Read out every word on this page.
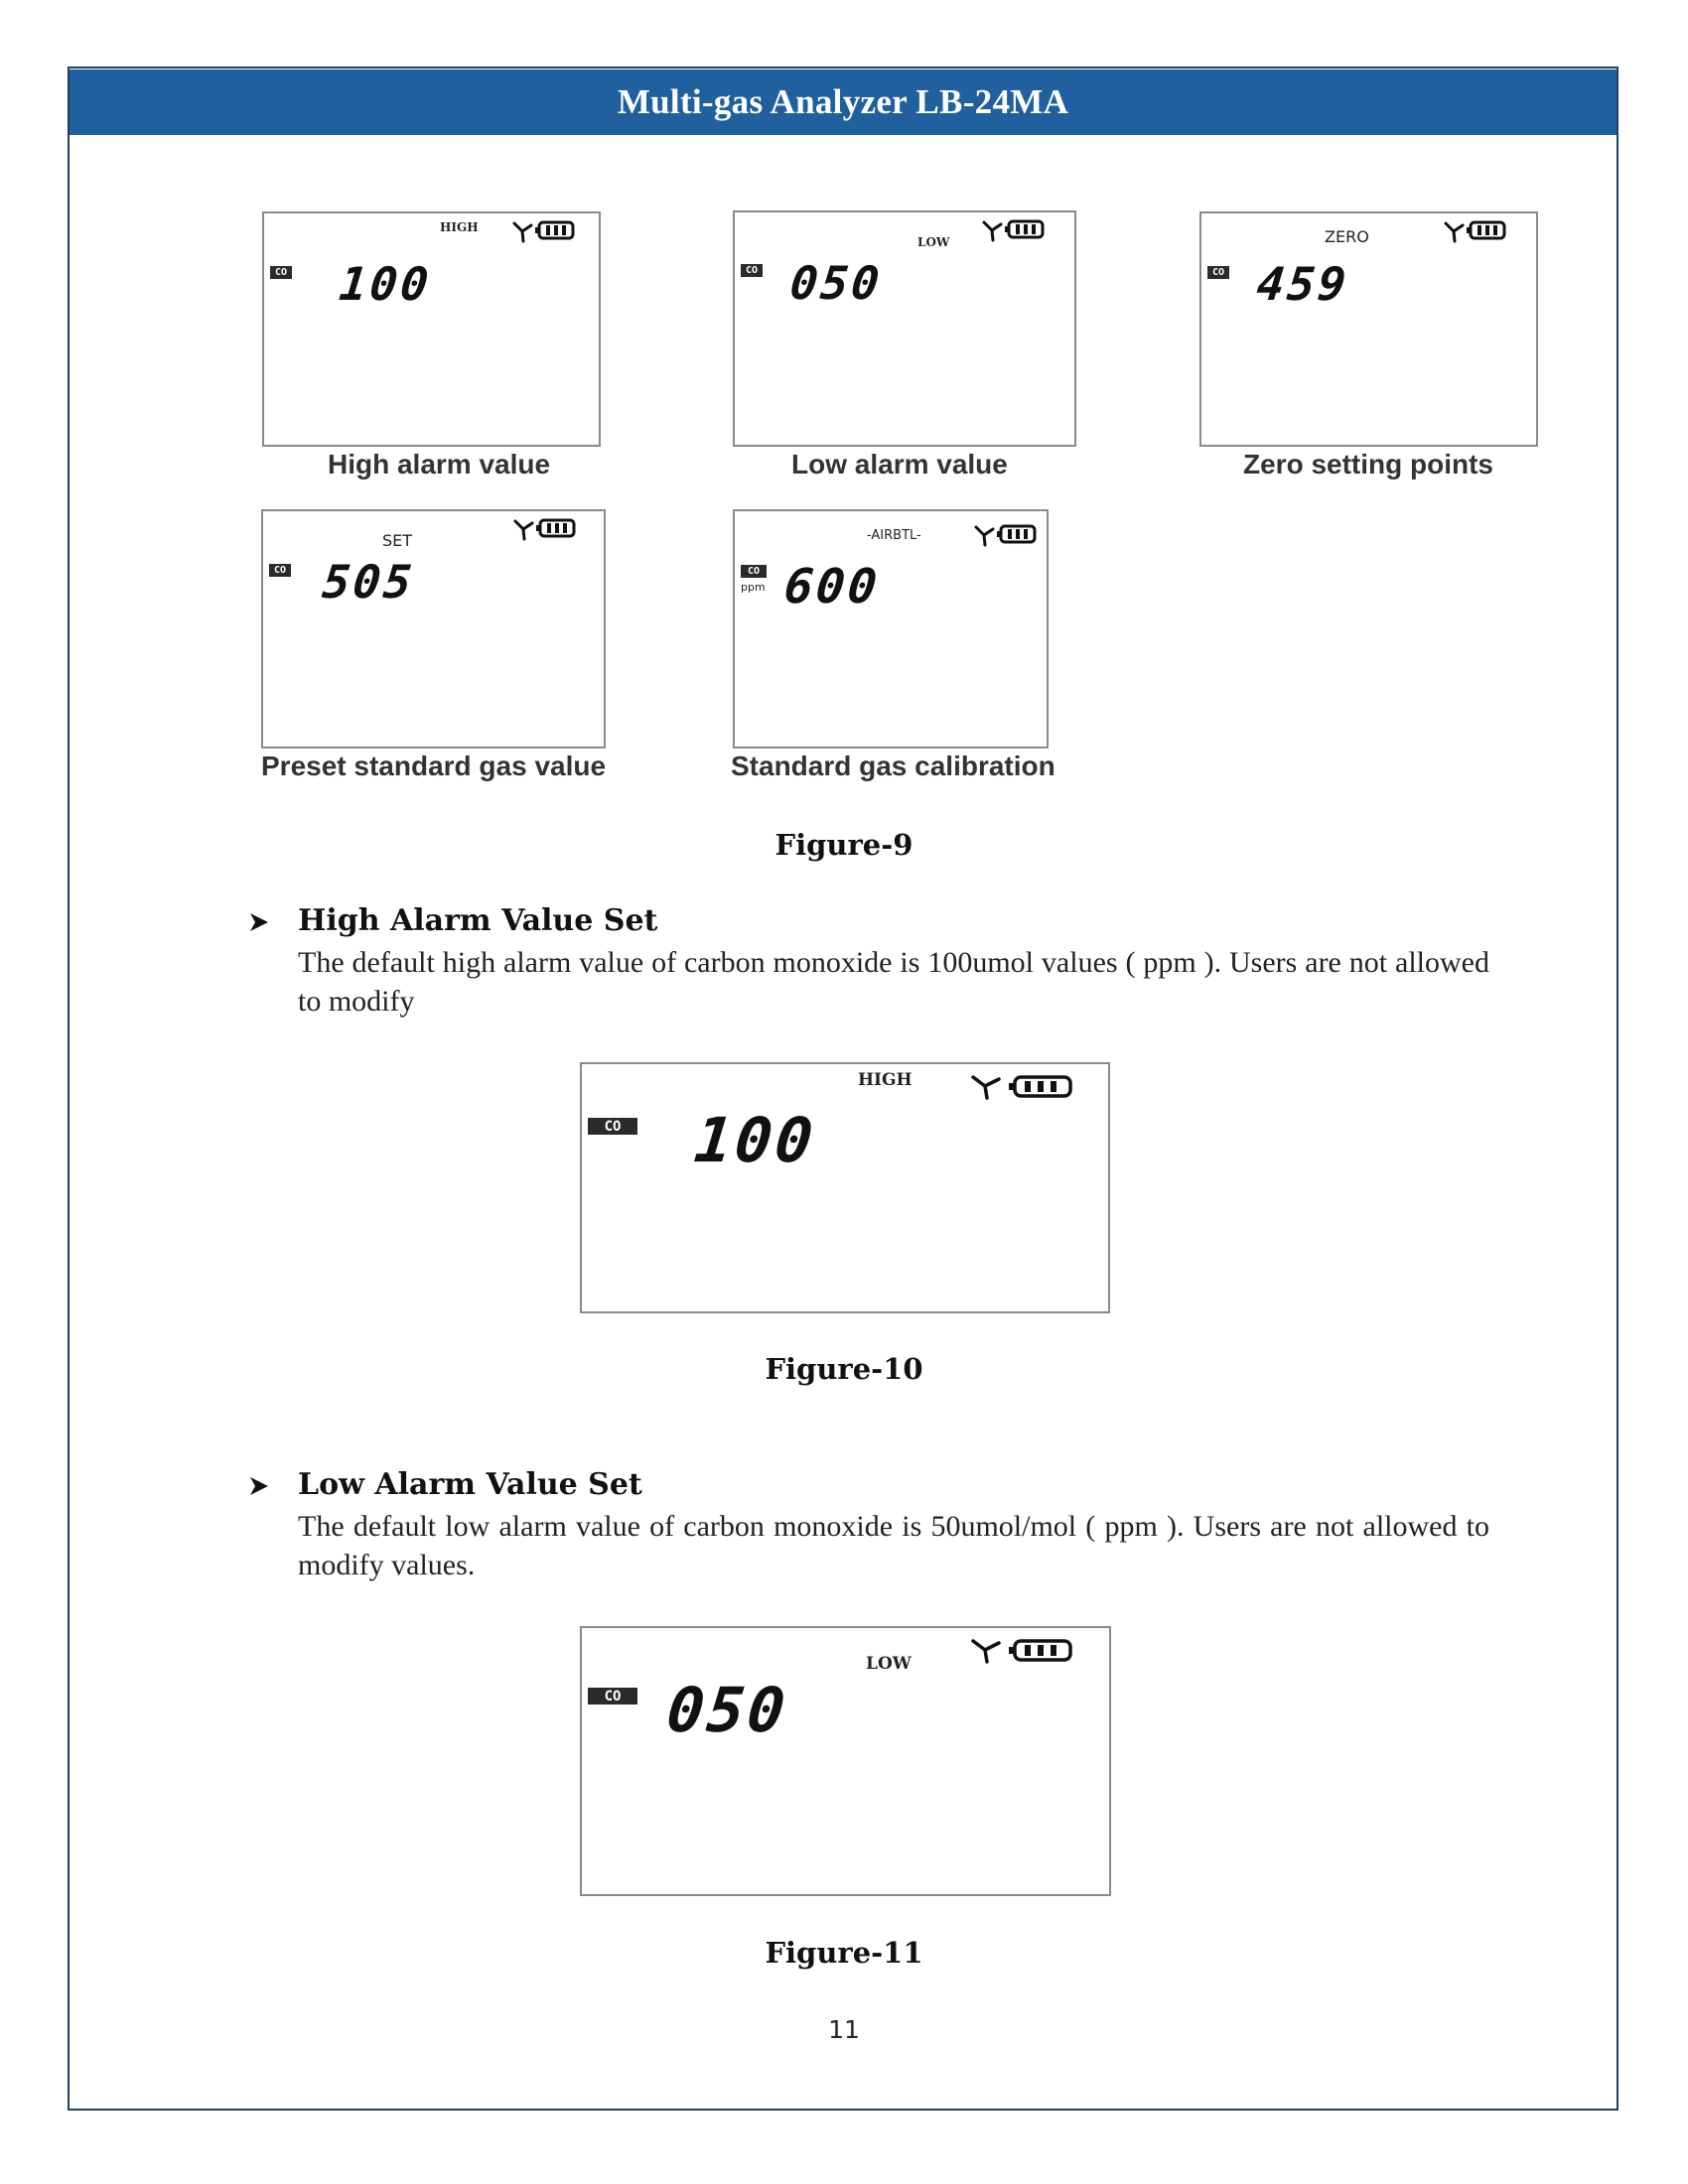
Multi-gas Analyzer LB-24MA
CO
HIGH
100
High alarm value
CO
LOW
050
Low alarm value
CO
ZERO
459
Zero setting points
CO
SET
505
Preset standard gas value
CO
ppm
-AIRBTL-
600
Standard gas calibration
Figure-9
High Alarm Value Set
The default high alarm value of carbon monoxide is 100umol values ( ppm ). Users are not allowed to modify
CO
HIGH
100
Figure-10
Low Alarm Value Set
The default low alarm value of carbon monoxide is 50umol/mol ( ppm ). Users are not allowed to modify values.
CO
LOW
050
Figure-11
11
